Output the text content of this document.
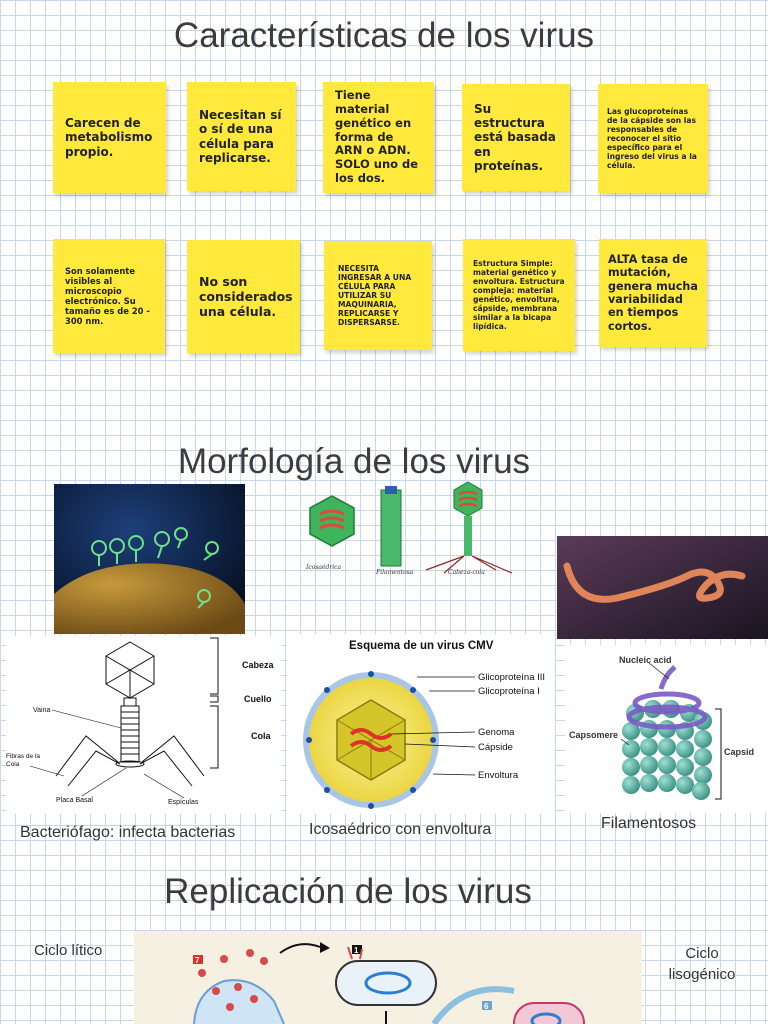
Características de los virus
Carecen de metabolismo propio.
Necesitan sí o sí de una célula para replicarse.
Tiene material genético en forma de ARN o ADN. SOLO uno de los dos.
Su estructura está basada en proteínas.
Las glucoproteínas de la cápside son las responsables de reconocer el sitio específico para el ingreso del virus a la célula.
Son solamente visibles al microscopio electrónico. Su tamaño es de 20 - 300 nm.
No son considerados una célula.
NECESITA INGRESAR A UNA CÉLULA PARA UTILIZAR SU MAQUINARIA, REPLICARSE Y DISPERSARSE.
Estructura Simple: material genético y envoltura. Estructura compleja: material genético, envoltura, cápside, membrana similar a la bicapa lipídica.
ALTA tasa de mutación, genera mucha variabilidad en tiempos cortos.
Morfología de los virus
Icosaédrica
Filamentosa	Cabeza-cola
Cabeza
Cuello
Cola
Vaina
Placa Basal	Espículas
Fibras de la Cola
Esquema de un virus CMV
Glicoproteína III
Glicoproteína I
Genoma
Cápside
Envoltura
Nucleic acid
Capsomere
Capsid
Bacteriófago: infecta bacterias	Icosaédrico con envoltura	Filamentosos
Replicación de los virus
Ciclo lítico	Ciclo lisogénico
7
1
6
